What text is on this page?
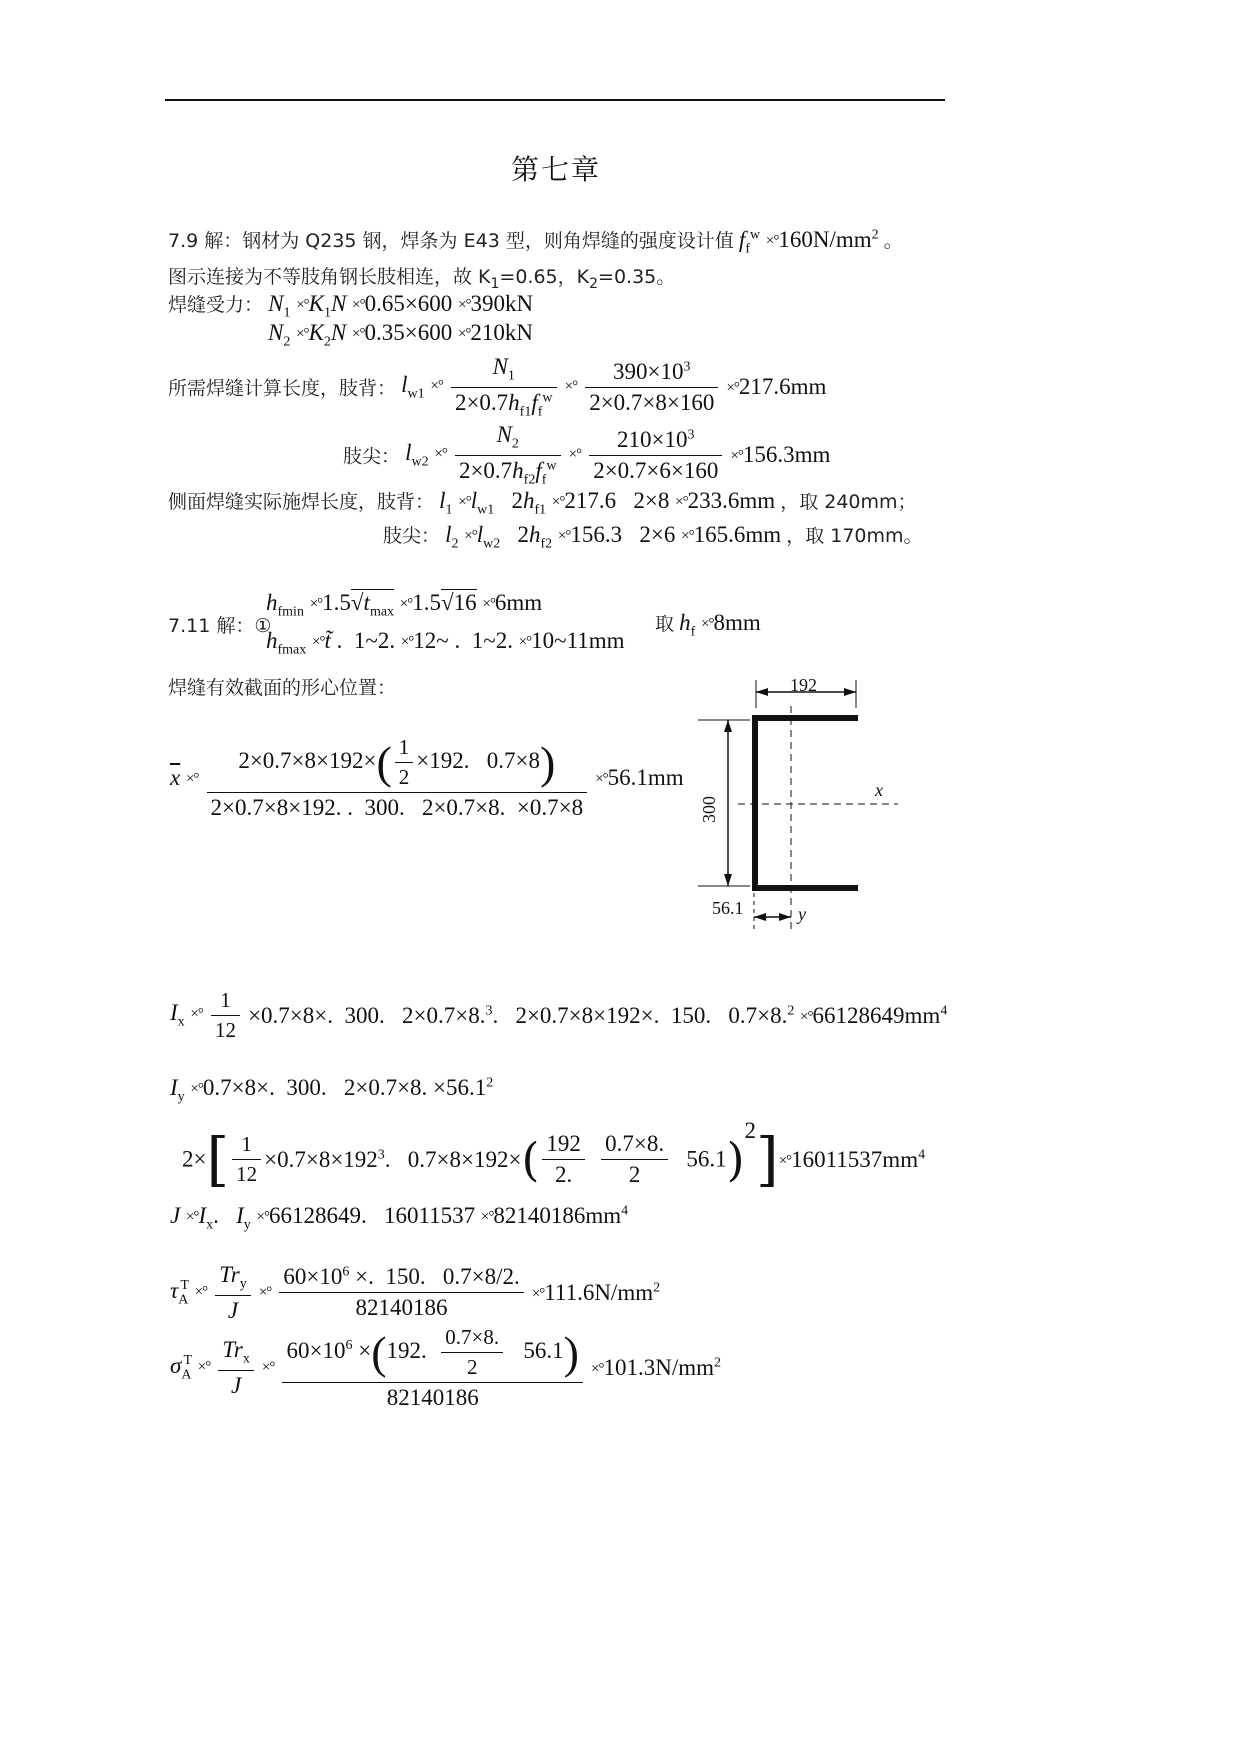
第七章
7.9 解：钢材为 Q235 钢，焊条为 E43 型，则角焊缝的强度设计值 $f_f^w \times^\circ 160N/mm^2$ 。
图示连接为不等肢角钢长肢相连，故 $K_1=0.65$，$K_2=0.35$。
焊缝受力： $N_1 \times^\circ K_1N \times^\circ 0.65\times 600 \times^\circ 390kN$
$N_2 \times^\circ K_2N \times^\circ 0.35\times 600 \times^\circ 210kN$
所需焊缝计算长度，肢背： $l_{w1}$ ×° $\frac{N_1}{2\times 0.7h_{f1}f_f^w}$ ×° $\frac{390\times 10^3}{2\times 0.7\times 8\times 160} \times^\circ 217.6mm$
肢尖： $l_{w2}$ ×° $\frac{N_2}{2\times 0.7h_{f2}f_f^w}$ ×° $\frac{210\times 10^3}{2\times 0.7\times 6\times 160} \times^\circ 156.3mm$
侧面焊缝实际施焊长度，肢背： $l_1 \times^\circ l_{w1}$   $2h_{f1} \times^\circ 217.6$ 2×8 ×°233.6mm ，取 240mm；
肢尖： $l_2 \times^\circ l_{w2}$   $2h_{f2} \times^\circ 156.3$ 2×6 ×°165.6mm ，取 170mm。
7.11 解：①
$h_{fmin} \times^\circ 1.5√t_{max} \times^\circ 1.5√16 \times^\circ 6mm$
$h_{fmax}$ ×°t̃ .  1~2. ×°12~ .  1~2. ×°10~11mm
取 $h_f \times^\circ 8mm$
焊缝有效截面的形心位置：
$\overline{x}$ ×° $\frac{2\times 0.7\times 8\times 192\times( \frac{1}{2} \times 192. 0.7\times 8)}{2\times 0.7\times 8\times 192. . 300. 2\times 0.7\times 8. \times 0.7\times 8} \times^\circ 56.1mm$
192
300
56.1
x
y
$I_x$ ×° $\frac{1}{12} \times 0.7\times 8\times$.  300.   2×0.7×8.$^3$.   2×0.7×8×192×.  150.   $0.7\times 8.^2 \times^\circ 66128649mm^4$
$I_y \times^\circ 0.7\times 8\times$.  300.   2×0.7×8. $\times 56.1^2$
$2\times[ \frac{1}{12} \times 0.7\times 8\times 192^3$.   $0.7\times 8\times 192\times( \frac{192}{2.}$
$\frac{0.7\times 8.}{2} 56.1)^2]\times^\circ 16011537mm^4$
$J \times^\circ I_x$.   $I_y \times^\circ 66128649$.   $16011537 \times^\circ 82140186mm^4$
$\tau_A^T$ ×° $\frac{Tr_y}{J}$ ×° $\frac{60\times 10^6 \times. 150. 0.7\times 8/2.}{82140186} \times^\circ 111.6N/mm^2$
$\sigma_A^T$ ×° $\frac{Tr_x}{J}$ ×° $\frac{60\times 10^6 \times(192. \frac{0.7\times 8.}{2} 56.1)}{82140186} \times^\circ 101.3N/mm^2$
